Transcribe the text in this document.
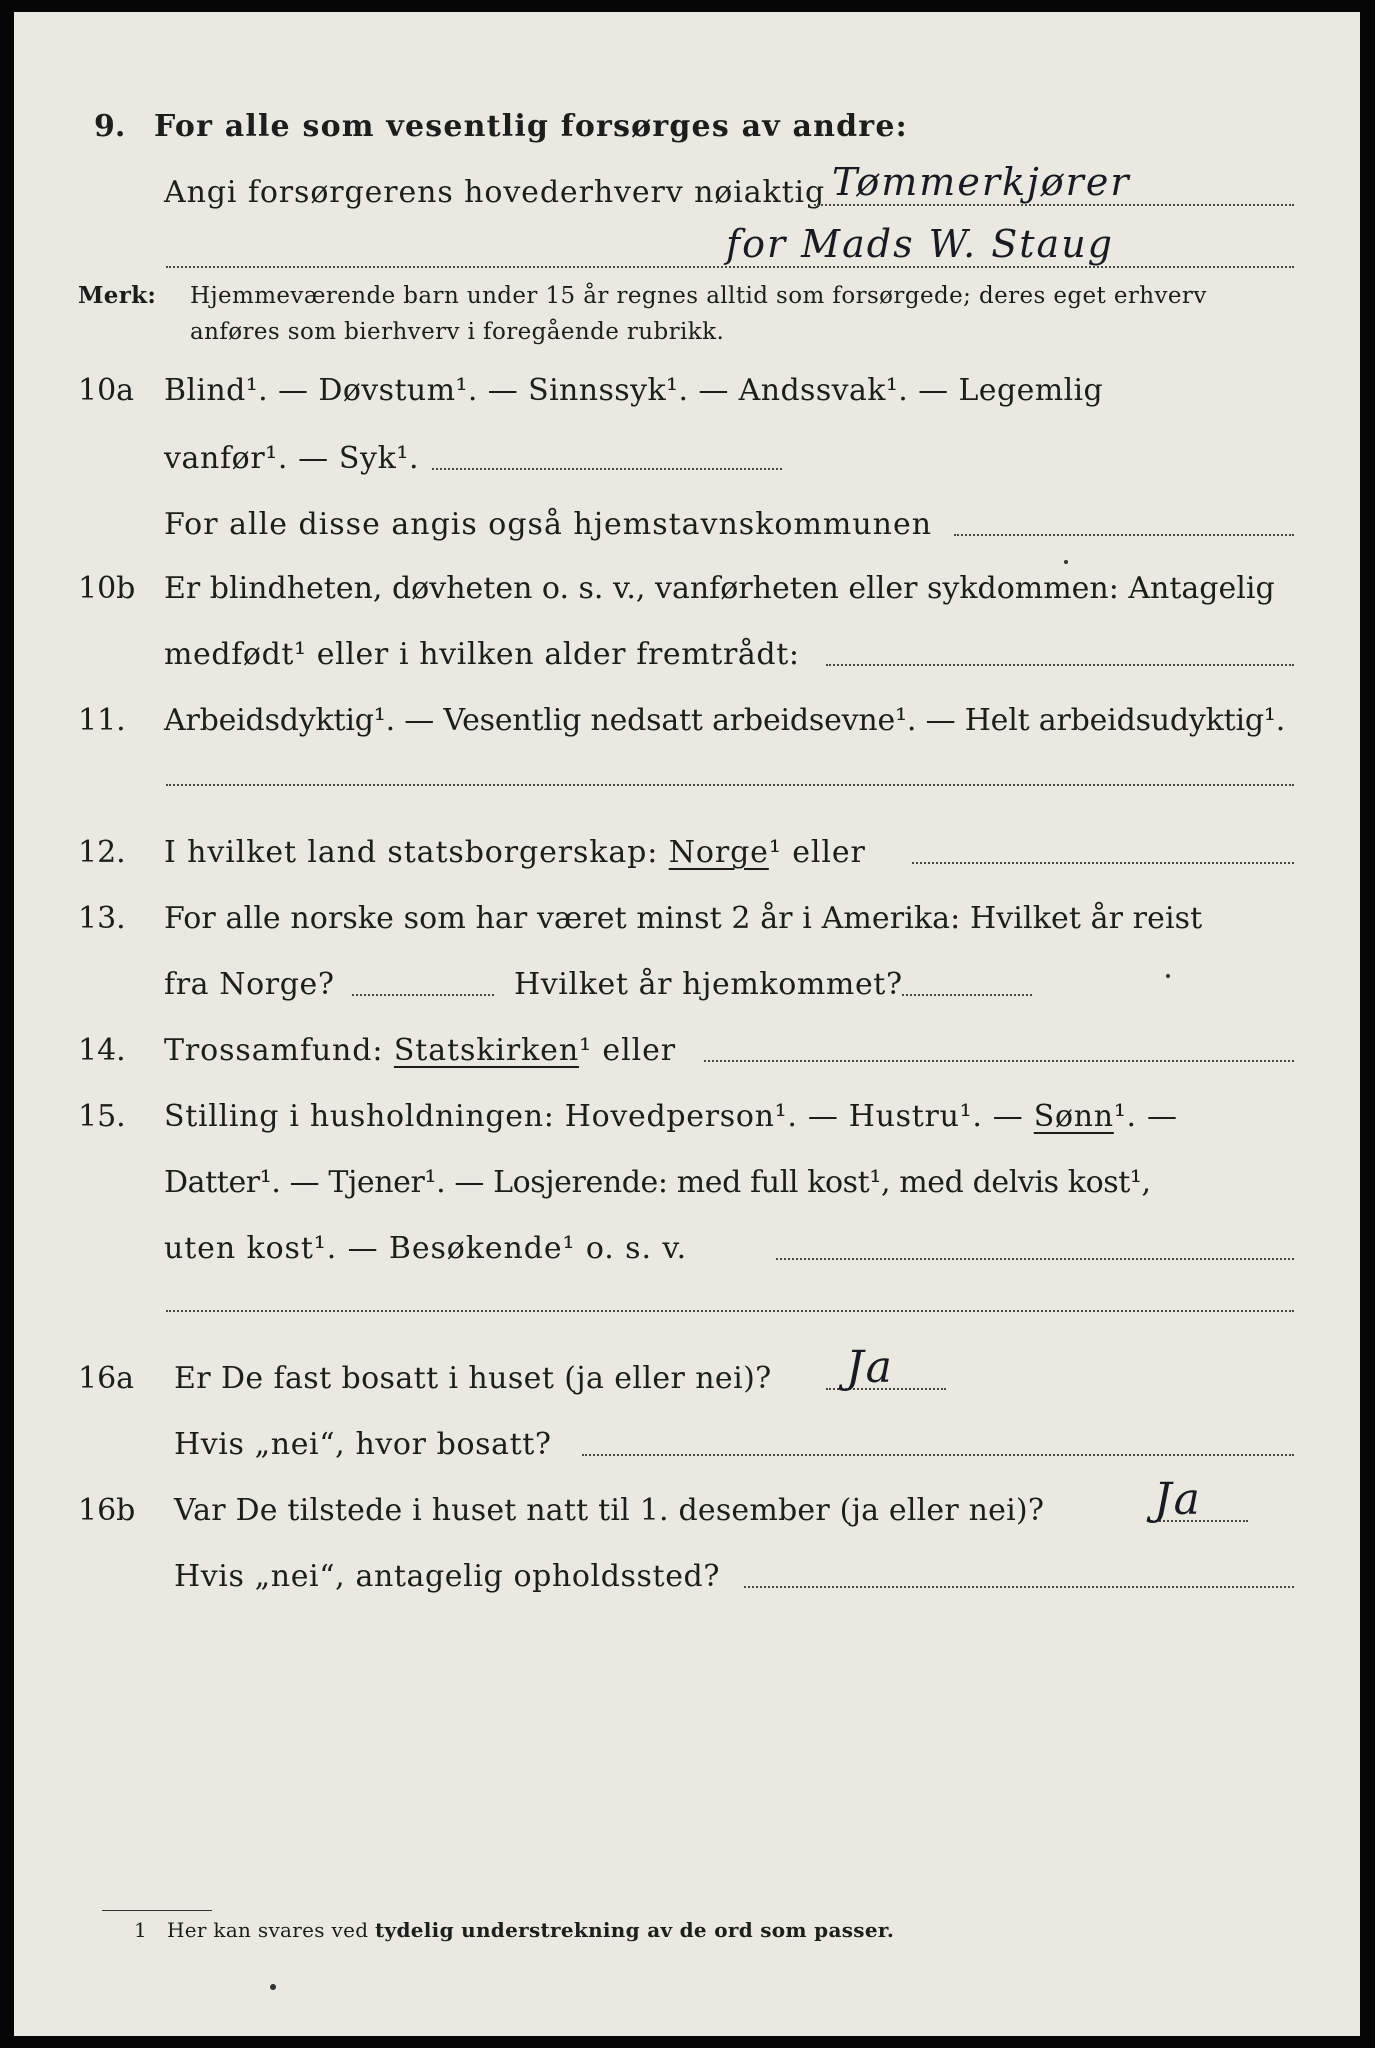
9. For alle som vesentlig forsørges av andre:
Angi forsørgerens hovederhverv nøiaktig Tømmerkjører
for Mads W. Staug
Merk: Hjemmeværende barn under 15 år regnes alltid som forsørgede; deres eget erhverv
anføres som bierhverv i foregående rubrikk.
10a Blind¹. — Døvstum¹. — Sinnssyk¹. — Andssvak¹. — Legemlig
vanfør¹. — Syk¹.
For alle disse angis også hjemstavnskommunen
10b Er blindheten, døvheten o. s. v., vanførheten eller sykdommen: Antagelig
medfødt¹ eller i hvilken alder fremtrådt:
11. Arbeidsdyktig¹. — Vesentlig nedsatt arbeidsevne¹. — Helt arbeidsudyktig¹.
12. I hvilket land statsborgerskap: Norge¹ eller
13. For alle norske som har været minst 2 år i Amerika: Hvilket år reist
fra Norge?	Hvilket år hjemkommet?
14. Trossamfund: Statskirken¹ eller
15. Stilling i husholdningen: Hovedperson¹. — Hustru¹. — Sønn¹. —
Datter¹. — Tjener¹. — Losjerende: med full kost¹, med delvis kost¹,
uten kost¹. — Besøkende¹ o. s. v.
16a Er De fast bosatt i huset (ja eller nei)? Ja
Hvis „nei“, hvor bosatt?
16b Var De tilstede i huset natt til 1. desember (ja eller nei)? Ja
Hvis „nei“, antagelig opholdssted?
1 Her kan svares ved tydelig understrekning av de ord som passer.
